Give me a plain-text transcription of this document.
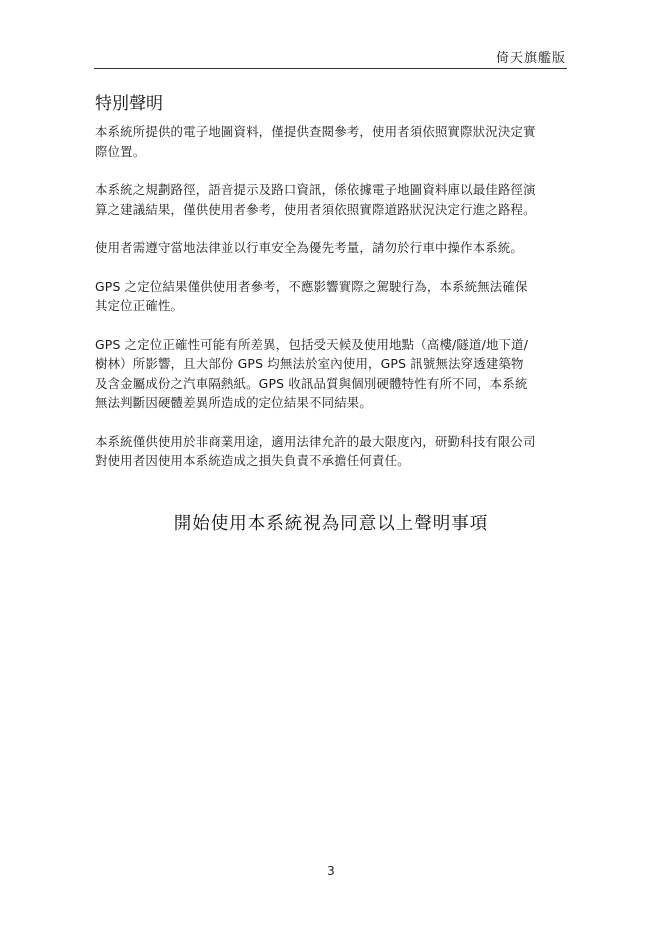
倚天旗艦版
特別聲明

本系統所提供的電子地圖資料，僅提供查閱參考，使用者須依照實際狀況決定實
際位置。

本系統之規劃路徑，語音提示及路口資訊，係依據電子地圖資料庫以最佳路徑演
算之建議結果，僅供使用者參考，使用者須依照實際道路狀況決定行進之路程。

使用者需遵守當地法律並以行車安全為優先考量，請勿於行車中操作本系統。

GPS 之定位結果僅供使用者參考，不應影響實際之駕駛行為，本系統無法確保
其定位正確性。

GPS 之定位正確性可能有所差異，包括受天候及使用地點（高樓/隧道/地下道/
樹林）所影響，且大部份 GPS 均無法於室內使用，GPS 訊號無法穿透建築物
及含金屬成份之汽車隔熱紙。GPS 收訊品質與個別硬體特性有所不同，本系統
無法判斷因硬體差異所造成的定位結果不同結果。

本系統僅供使用於非商業用途，適用法律允許的最大限度內，研勤科技有限公司
對使用者因使用本系統造成之損失負責不承擔任何責任。

開始使用本系統視為同意以上聲明事項
3
